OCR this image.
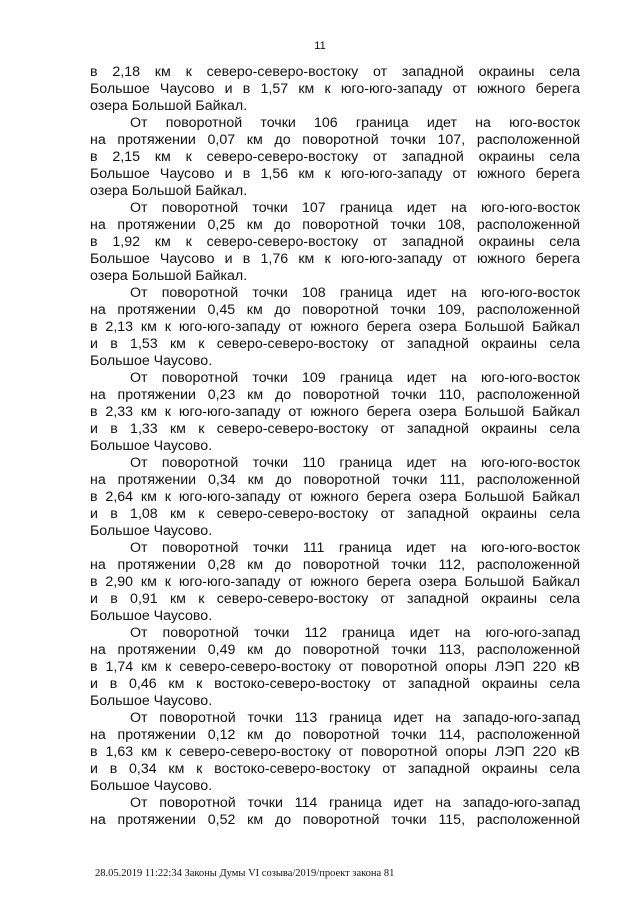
11

в 2,18 км к северо-северо-востоку от западной окраины села

Большое Чаусово и в 1,57 км к юго-юго-западу от южного берега

озера Большой Байкал.

От поворотной точки 106 граница идет на юго-восток

на протяжении 0,07 км до поворотной точки 107, расположенной

в 2,15 км к северо-северо-востоку от западной окраины села

Большое Чаусово и в 1,56 км к юго-юго-западу от южного берега

озера Большой Байкал.

От поворотной точки 107 граница идет на юго-юго-восток

на протяжении 0,25 км до поворотной точки 108, расположенной

в 1,92 км к северо-северо-востоку от западной окраины села

Большое Чаусово и в 1,76 км к юго-юго-западу от южного берега

озера Большой Байкал.

От поворотной точки 108 граница идет на юго-юго-восток

на протяжении 0,45 км до поворотной точки 109, расположенной

в 2,13 км к юго-юго-западу от южного берега озера Большой Байкал

и в 1,53 км к северо-северо-востоку от западной окраины села

Большое Чаусово.

От поворотной точки 109 граница идет на юго-юго-восток

на протяжении 0,23 км до поворотной точки 110, расположенной

в 2,33 км к юго-юго-западу от южного берега озера Большой Байкал

и в 1,33 км к северо-северо-востоку от западной окраины села

Большое Чаусово.

От поворотной точки 110 граница идет на юго-юго-восток

на протяжении 0,34 км до поворотной точки 111, расположенной

в 2,64 км к юго-юго-западу от южного берега озера Большой Байкал

и в 1,08 км к северо-северо-востоку от западной окраины села

Большое Чаусово.

От поворотной точки 111 граница идет на юго-юго-восток

на протяжении 0,28 км до поворотной точки 112, расположенной

в 2,90 км к юго-юго-западу от южного берега озера Большой Байкал

и в 0,91 км к северо-северо-востоку от западной окраины села

Большое Чаусово.

От поворотной точки 112 граница идет на юго-юго-запад

на протяжении 0,49 км до поворотной точки 113, расположенной

в 1,74 км к северо-северо-востоку от поворотной опоры ЛЭП 220 кВ

и в 0,46 км к востоко-северо-востоку от западной окраины села

Большое Чаусово.

От поворотной точки 113 граница идет на западо-юго-запад

на протяжении 0,12 км до поворотной точки 114, расположенной

в 1,63 км к северо-северо-востоку от поворотной опоры ЛЭП 220 кВ

и в 0,34 км к востоко-северо-востоку от западной окраины села

Большое Чаусово.

От поворотной точки 114 граница идет на западо-юго-запад

на протяжении 0,52 км до поворотной точки 115, расположенной

28.05.2019 11:22:34 Законы Думы VI созыва/2019/проект закона 81
